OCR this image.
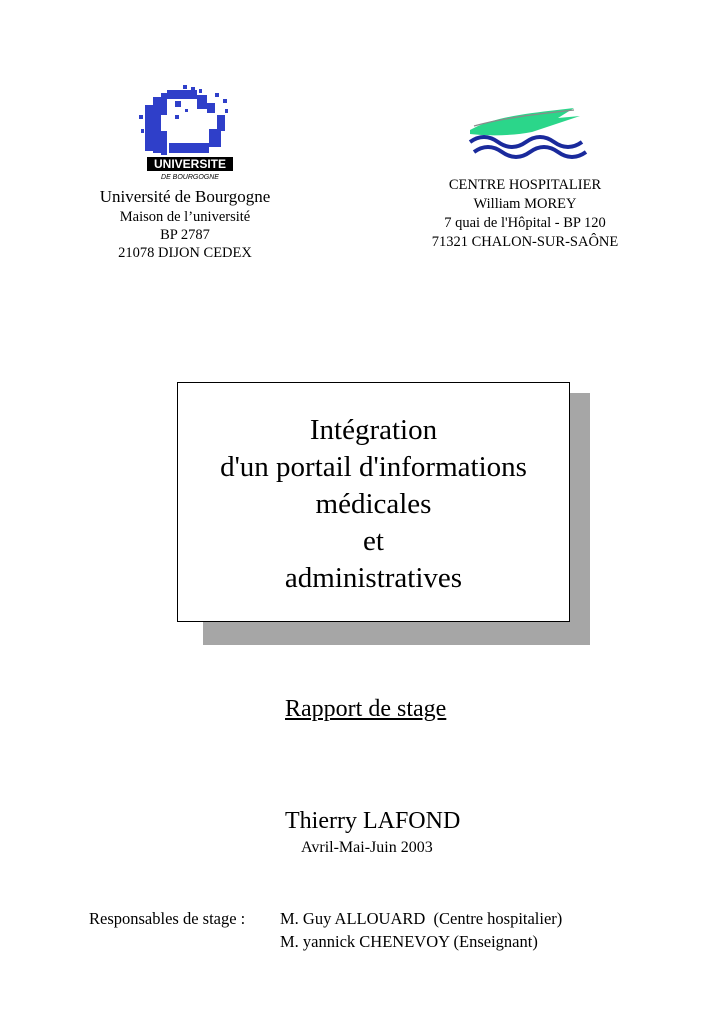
UNIVERSITE
DE BOURGOGNE
Université de Bourgogne
Maison de l’université
BP 2787
21078 DIJON CEDEX
CENTRE HOSPITALIER
William MOREY
7 quai de l'Hôpital - BP 120
71321 CHALON-SUR-SAÔNE
Intégration
d'un portail d'informations
médicales
et
administratives
Rapport de stage
Thierry LAFOND
Avril-Mai-Juin 2003
Responsables de stage : M. Guy ALLOUARD  (Centre hospitalier)
M. yannick CHENEVOY (Enseignant)
